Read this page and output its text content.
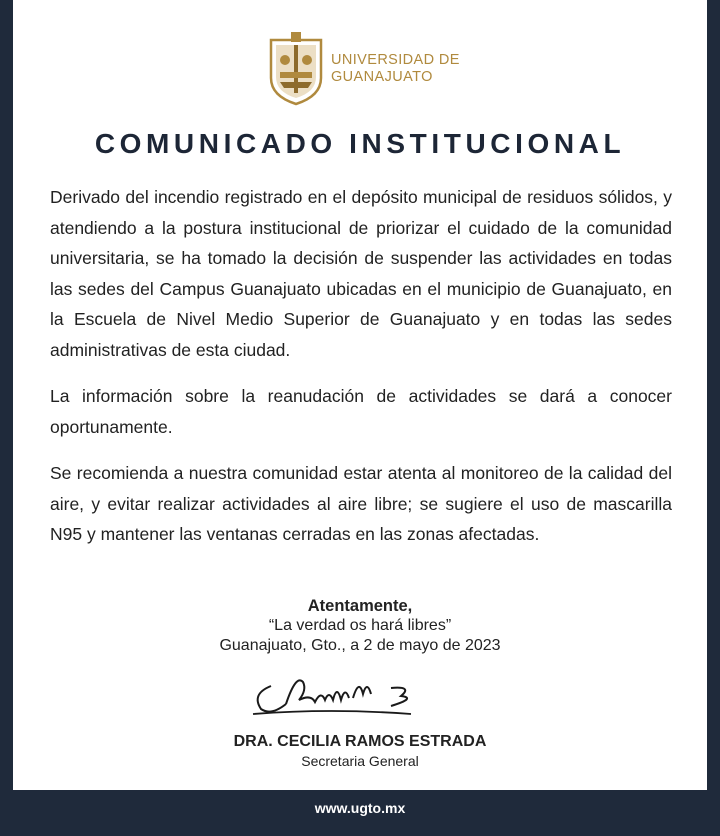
UNIVERSIDAD DE
GUANAJUATO
COMUNICADO INSTITUCIONAL

Derivado del incendio registrado en el depósito municipal de residuos sólidos, y atendiendo a la postura institucional de priorizar el cuidado de la comunidad universitaria, se ha tomado la decisión de suspender las actividades en todas las sedes del Campus Guanajuato ubicadas en el municipio de Guanajuato, en la Escuela de Nivel Medio Superior de Guanajuato y en todas las sedes administrativas de esta ciudad.

La información sobre la reanudación de actividades se dará a conocer oportunamente.

Se recomienda a nuestra comunidad estar atenta al monitoreo de la calidad del aire, y evitar realizar actividades al aire libre; se sugiere el uso de mascarilla N95 y mantener las ventanas cerradas en las zonas afectadas.

Atentamente,
“La verdad os hará libres”
Guanajuato, Gto., a 2 de mayo de 2023
DRA. CECILIA RAMOS ESTRADA
Secretaria General
www.ugto.mx
